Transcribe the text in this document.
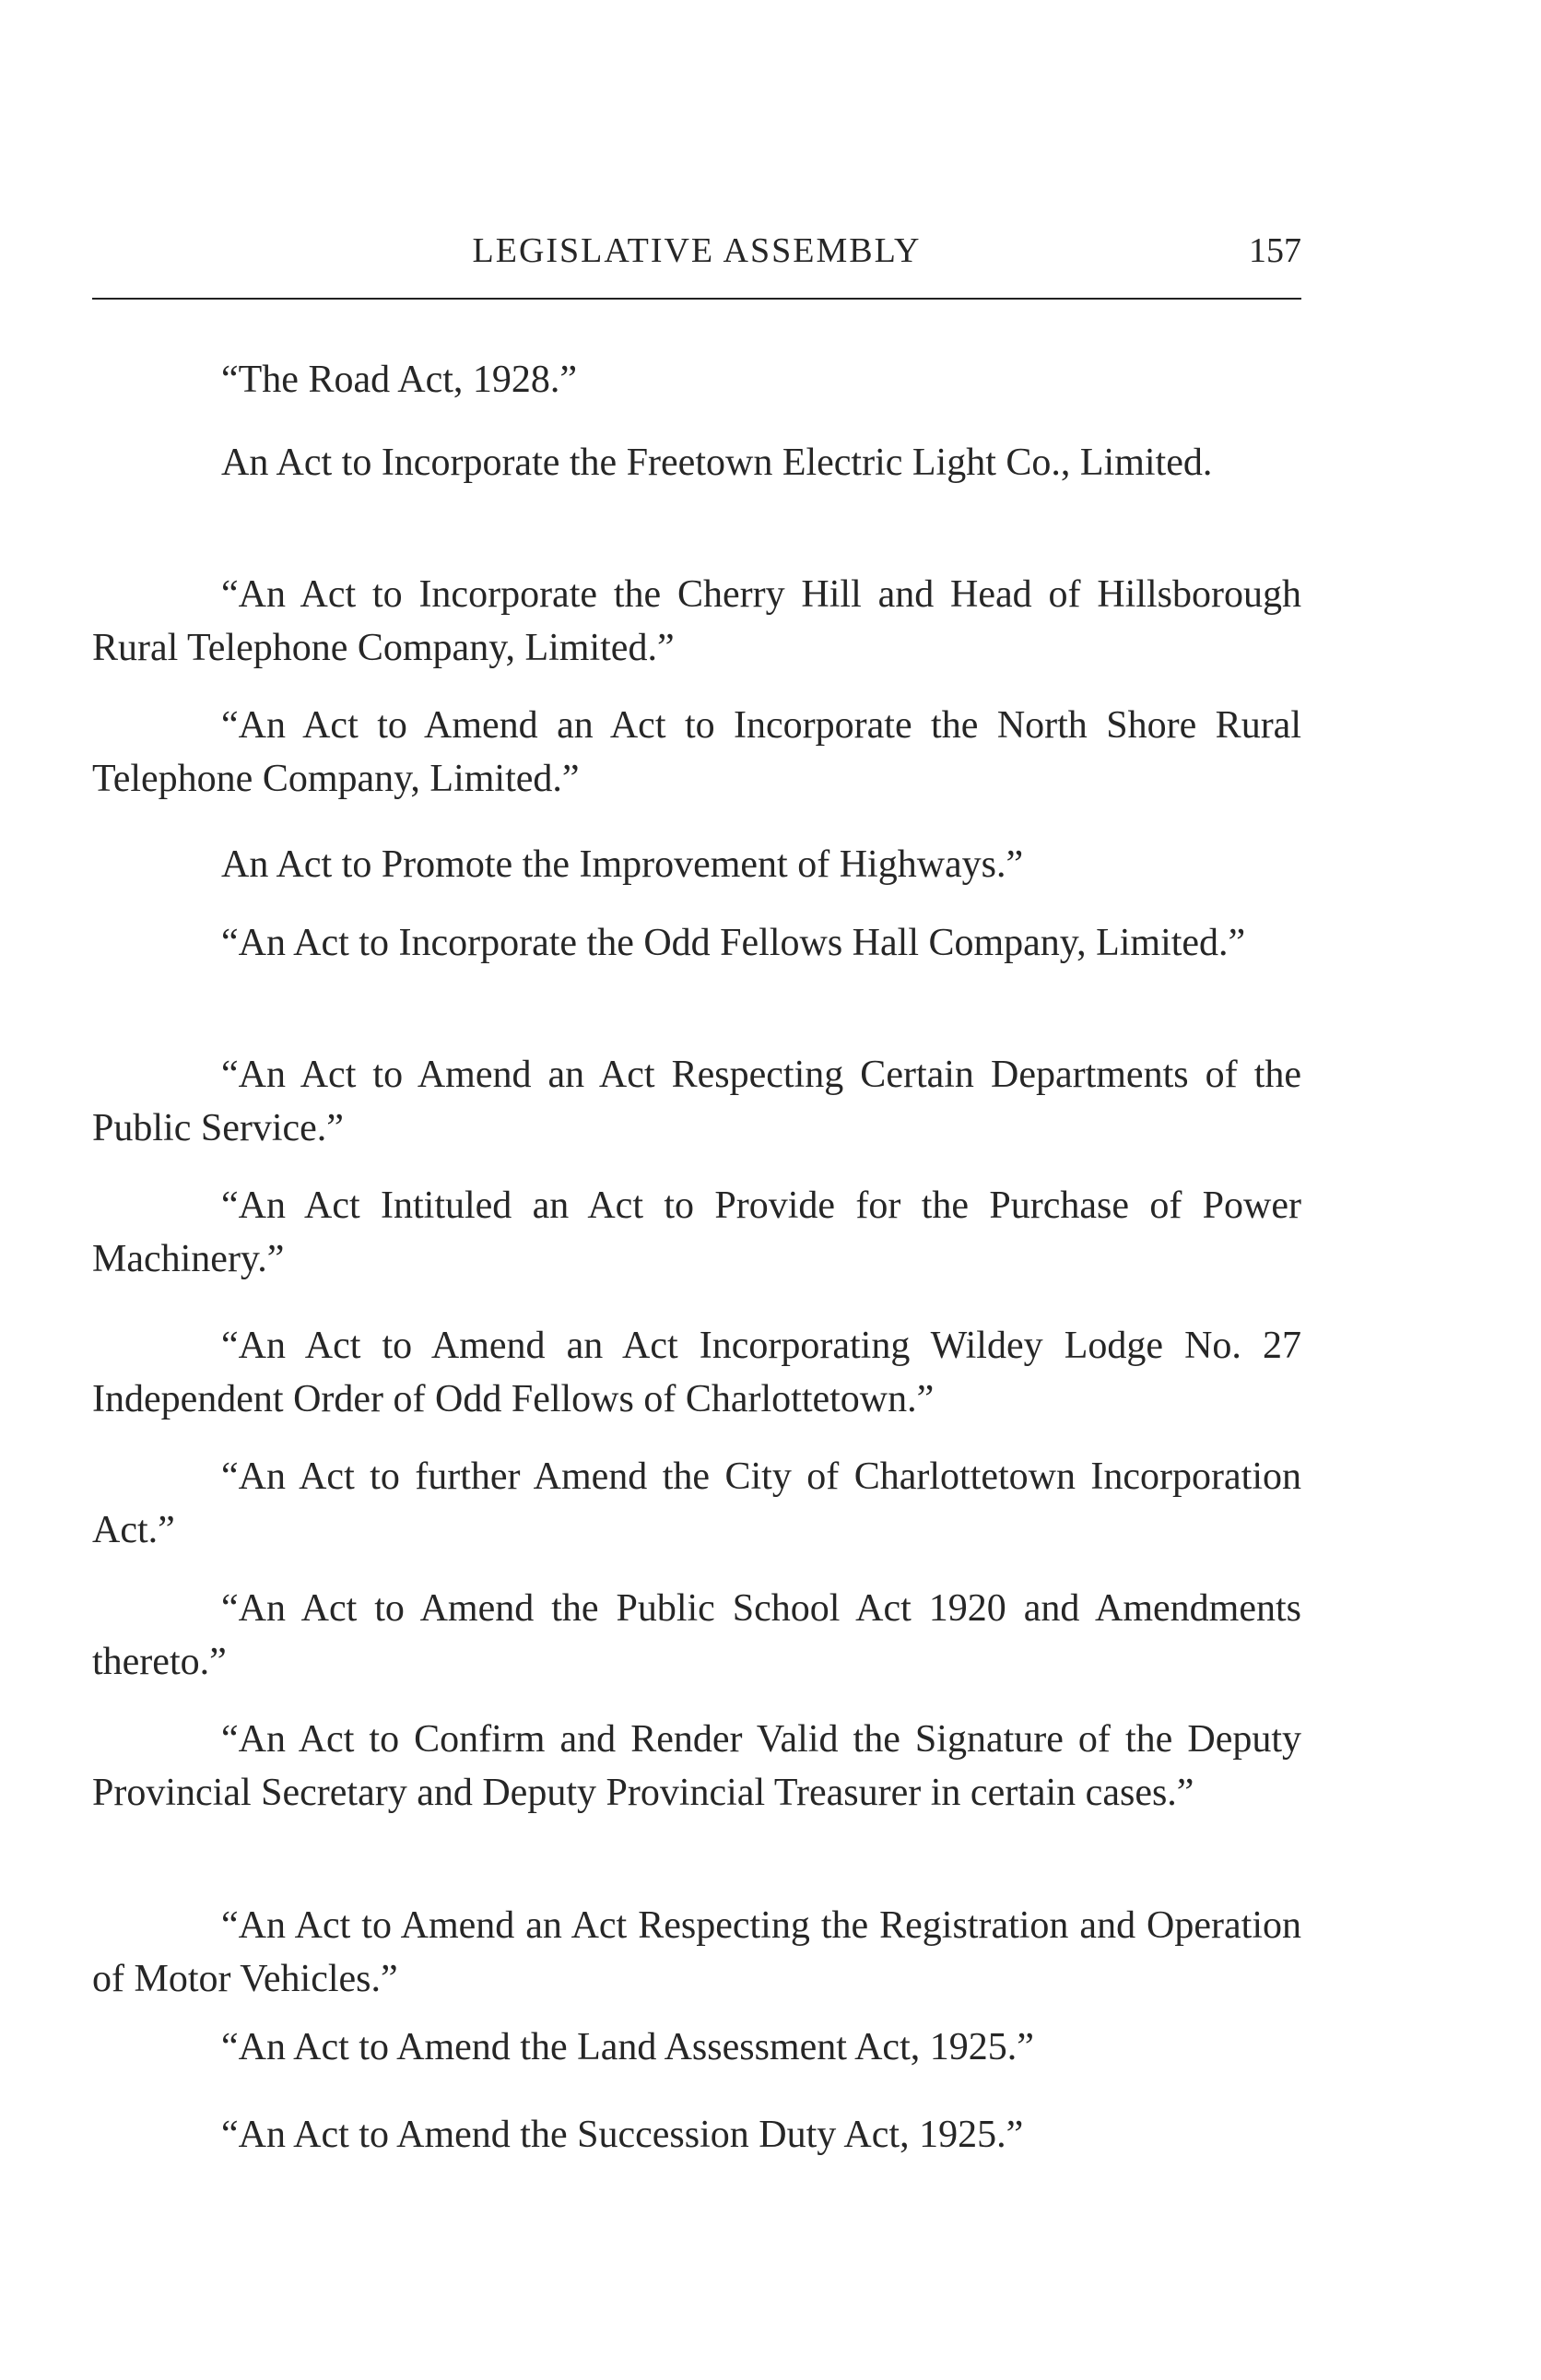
LEGISLATIVE ASSEMBLY	157

“The Road Act, 1928.”

An Act to Incorporate the Freetown Electric Light Co., Limited.

“An Act to Incorporate the Cherry Hill and Head of Hillsborough Rural Telephone Company, Limited.”

“An Act to Amend an Act to Incorporate the North Shore Rural Telephone Company, Limited.”

An Act to Promote the Improvement of Highways.”

“An Act to Incorporate the Odd Fellows Hall Company, Limited.”

“An Act to Amend an Act Respecting Certain Departments of the Public Service.”

“An Act Intituled an Act to Provide for the Purchase of Power Machinery.”

“An Act to Amend an Act Incorporating Wildey Lodge No. 27 Independent Order of Odd Fellows of Charlottetown.”

“An Act to further Amend the City of Charlottetown Incorporation Act.”

“An Act to Amend the Public School Act 1920 and Amendments thereto.”

“An Act to Confirm and Render Valid the Signature of the Deputy Provincial Secretary and Deputy Provincial Treasurer in certain cases.”

“An Act to Amend an Act Respecting the Registration and Operation of Motor Vehicles.”

“An Act to Amend the Land Assessment Act, 1925.”

“An Act to Amend the Succession Duty Act, 1925.”
